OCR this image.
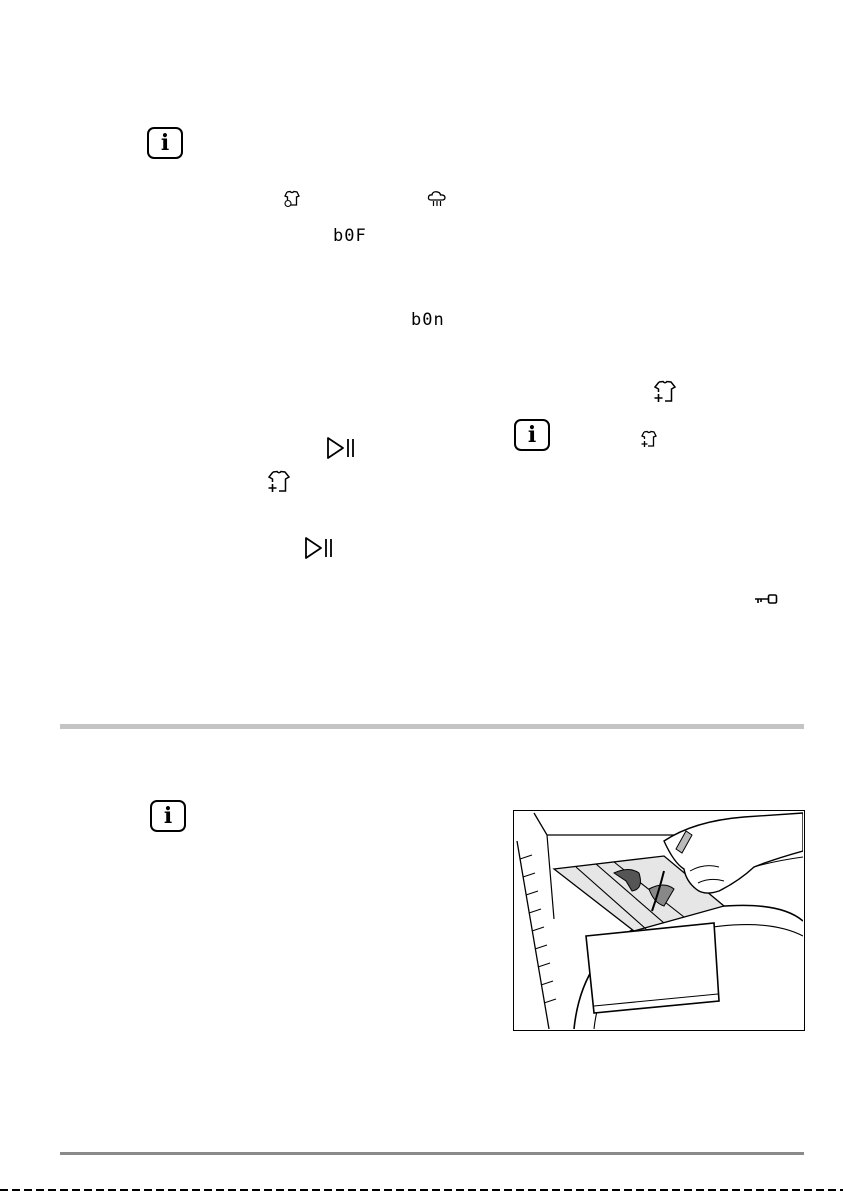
i
b0F
b0n
i
i
